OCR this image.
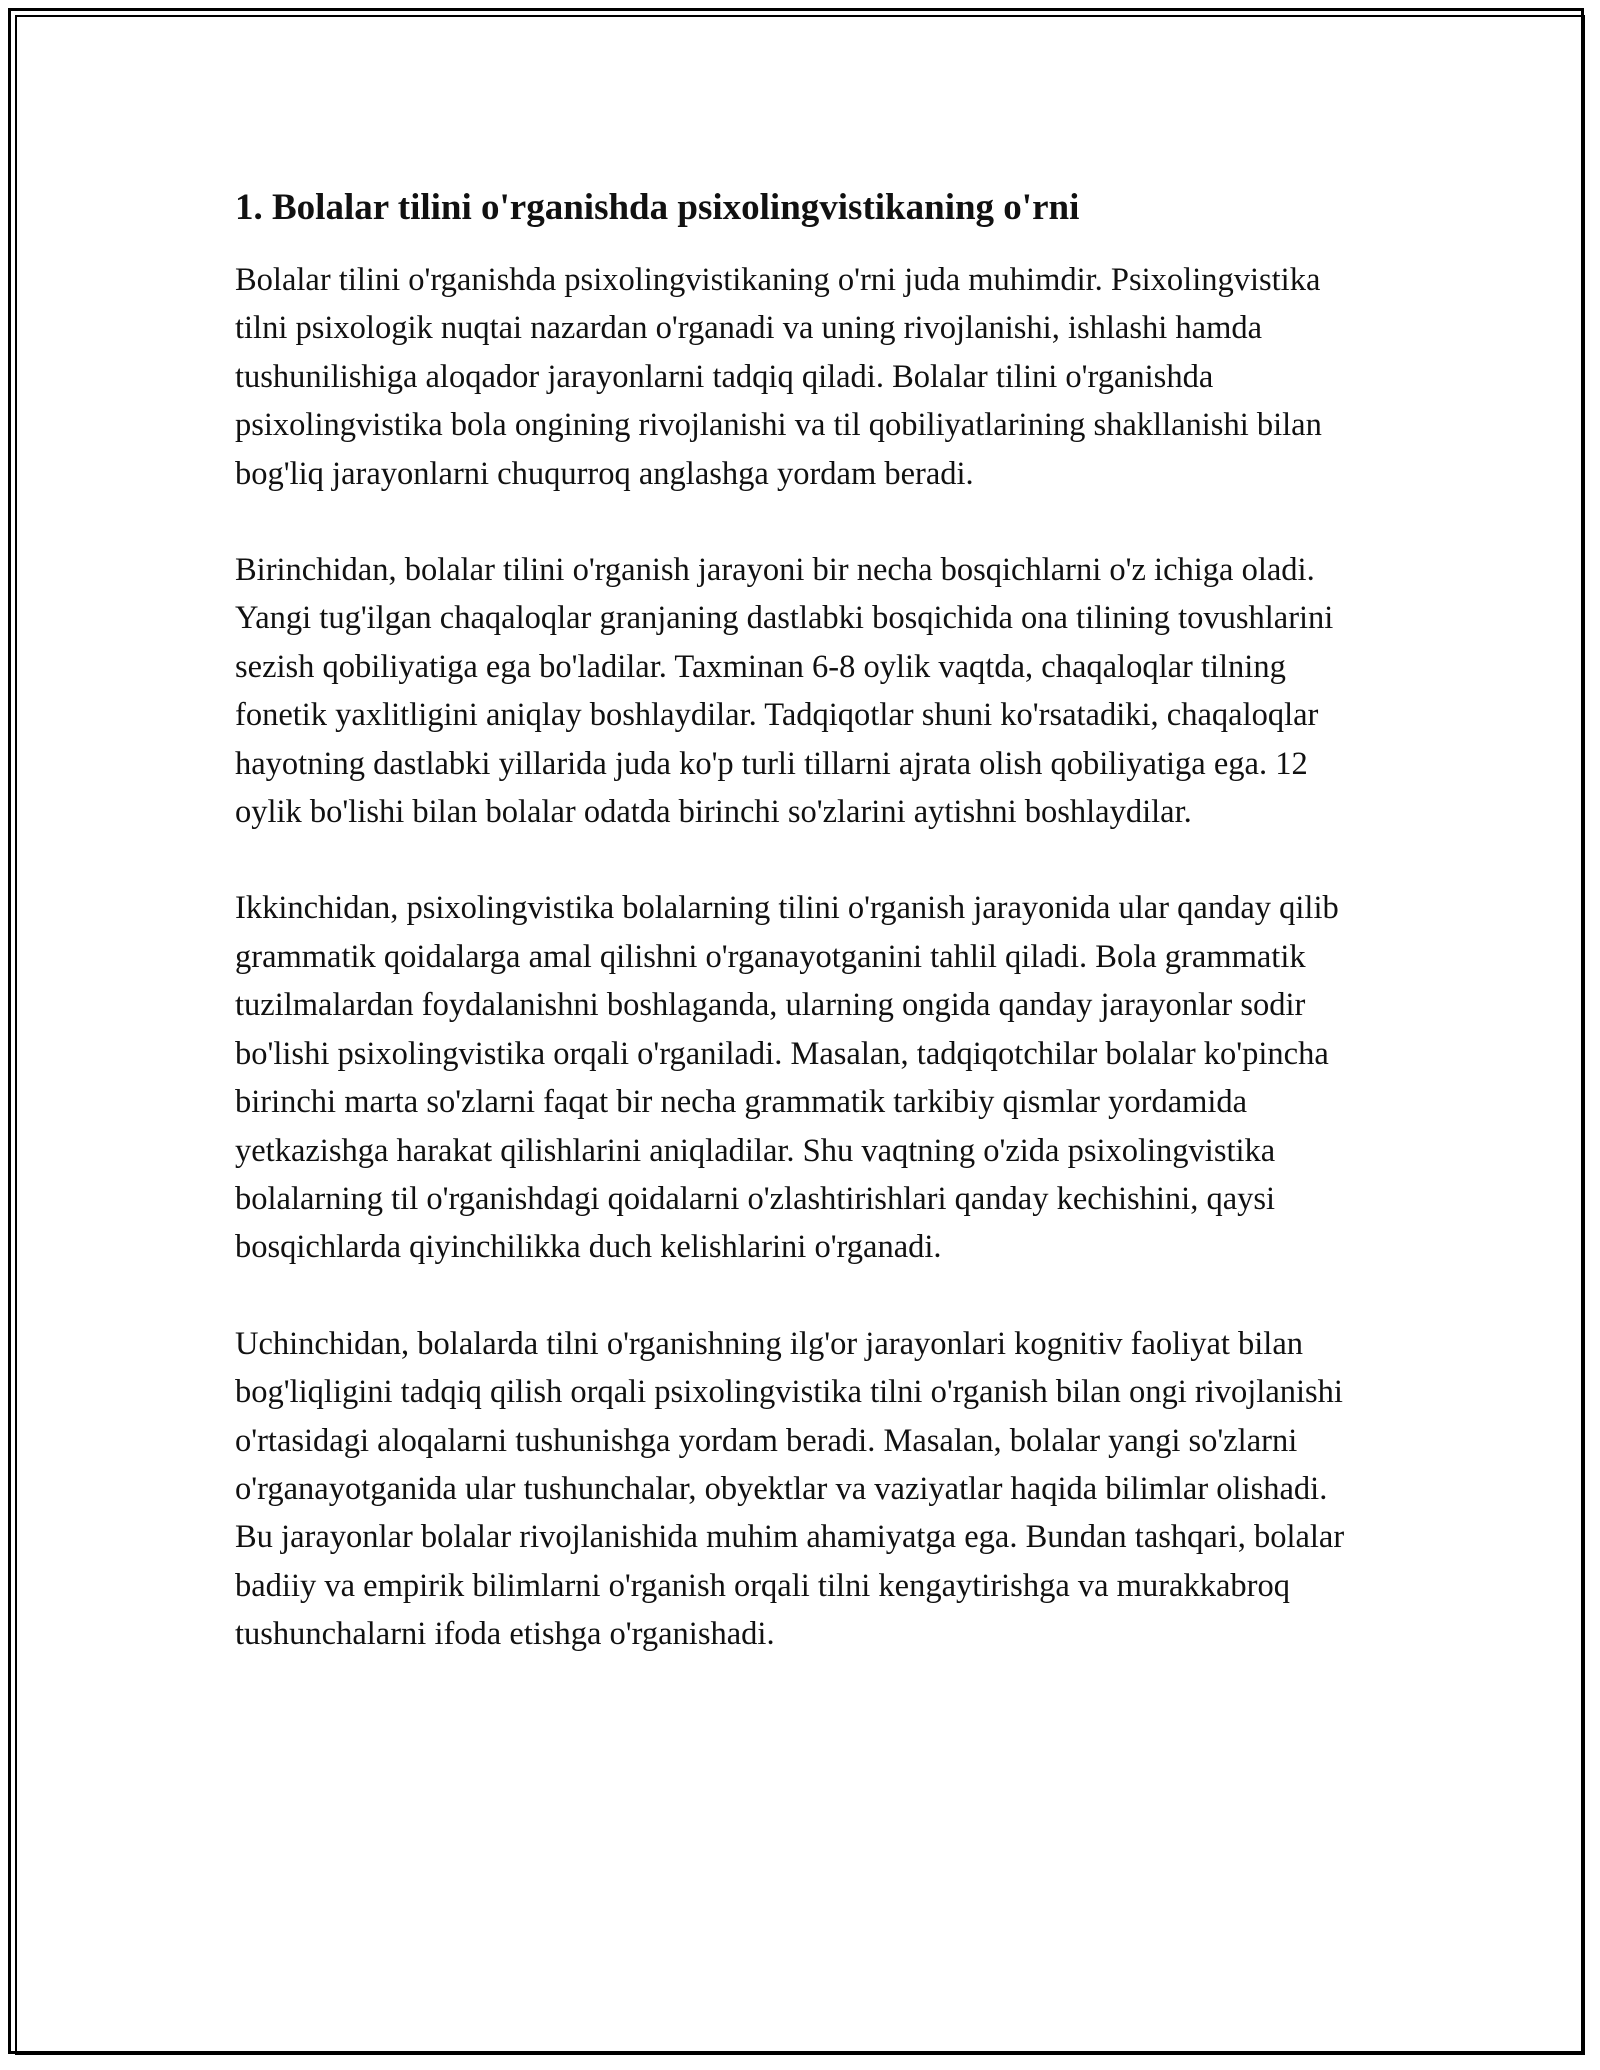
1. Bolalar tilini o'rganishda psixolingvistikaning o'rni

Bolalar tilini o'rganishda psixolingvistikaning o'rni juda muhimdir. Psixolingvistika tilni psixologik nuqtai nazardan o'rganadi va uning rivojlanishi, ishlashi hamda tushunilishiga aloqador jarayonlarni tadqiq qiladi. Bolalar tilini o'rganishda psixolingvistika bola ongining rivojlanishi va til qobiliyatlarining shakllanishi bilan bog'liq jarayonlarni chuqurroq anglashga yordam beradi.

Birinchidan, bolalar tilini o'rganish jarayoni bir necha bosqichlarni o'z ichiga oladi. Yangi tug'ilgan chaqaloqlar granjaning dastlabki bosqichida ona tilining tovushlarini sezish qobiliyatiga ega bo'ladilar. Taxminan 6-8 oylik vaqtda, chaqaloqlar tilning fonetik yaxlitligini aniqlay boshlaydilar. Tadqiqotlar shuni ko'rsatadiki, chaqaloqlar hayotning dastlabki yillarida juda ko'p turli tillarni ajrata olish qobiliyatiga ega. 12 oylik bo'lishi bilan bolalar odatda birinchi so'zlarini aytishni boshlaydilar.

Ikkinchidan, psixolingvistika bolalarning tilini o'rganish jarayonida ular qanday qilib grammatik qoidalarga amal qilishni o'rganayotganini tahlil qiladi. Bola grammatik tuzilmalardan foydalanishni boshlaganda, ularning ongida qanday jarayonlar sodir bo'lishi psixolingvistika orqali o'rganiladi. Masalan, tadqiqotchilar bolalar ko'pincha birinchi marta so'zlarni faqat bir necha grammatik tarkibiy qismlar yordamida yetkazishga harakat qilishlarini aniqladilar. Shu vaqtning o'zida psixolingvistika bolalarning til o'rganishdagi qoidalarni o'zlashtirishlari qanday kechishini, qaysi bosqichlarda qiyinchilikka duch kelishlarini o'rganadi.

Uchinchidan, bolalarda tilni o'rganishning ilg'or jarayonlari kognitiv faoliyat bilan bog'liqligini tadqiq qilish orqali psixolingvistika tilni o'rganish bilan ongi rivojlanishi o'rtasidagi aloqalarni tushunishga yordam beradi. Masalan, bolalar yangi so'zlarni o'rganayotganida ular tushunchalar, obyektlar va vaziyatlar haqida bilimlar olishadi. Bu jarayonlar bolalar rivojlanishida muhim ahamiyatga ega. Bundan tashqari, bolalar badiiy va empirik bilimlarni o'rganish orqali tilni kengaytirishga va murakkabroq tushunchalarni ifoda etishga o'rganishadi.
